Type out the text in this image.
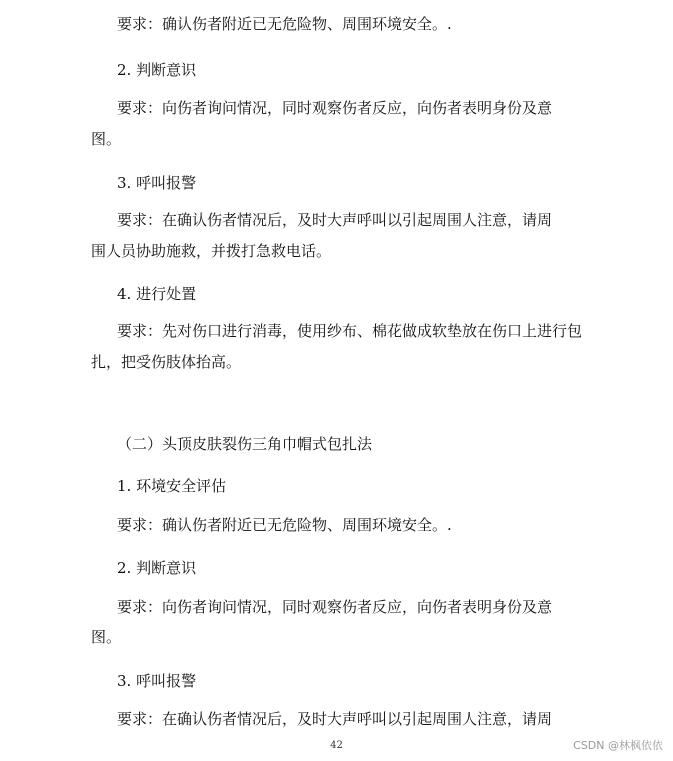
要求：确认伤者附近已无危险物、周围环境安全。.
2. 判断意识
要求：向伤者询问情况，同时观察伤者反应，向伤者表明身份及意
图。
3. 呼叫报警
要求：在确认伤者情况后，及时大声呼叫以引起周围人注意，请周
围人员协助施救，并拨打急救电话。
4. 进行处置
要求：先对伤口进行消毒，使用纱布、棉花做成软垫放在伤口上进行包
扎，把受伤肢体抬高。
（二）头顶皮肤裂伤三角巾帽式包扎法
1. 环境安全评估
要求：确认伤者附近已无危险物、周围环境安全。.
2. 判断意识
要求：向伤者询问情况，同时观察伤者反应，向伤者表明身份及意
图。
3. 呼叫报警
要求：在确认伤者情况后，及时大声呼叫以引起周围人注意，请周
42	CSDN @林枫依依
